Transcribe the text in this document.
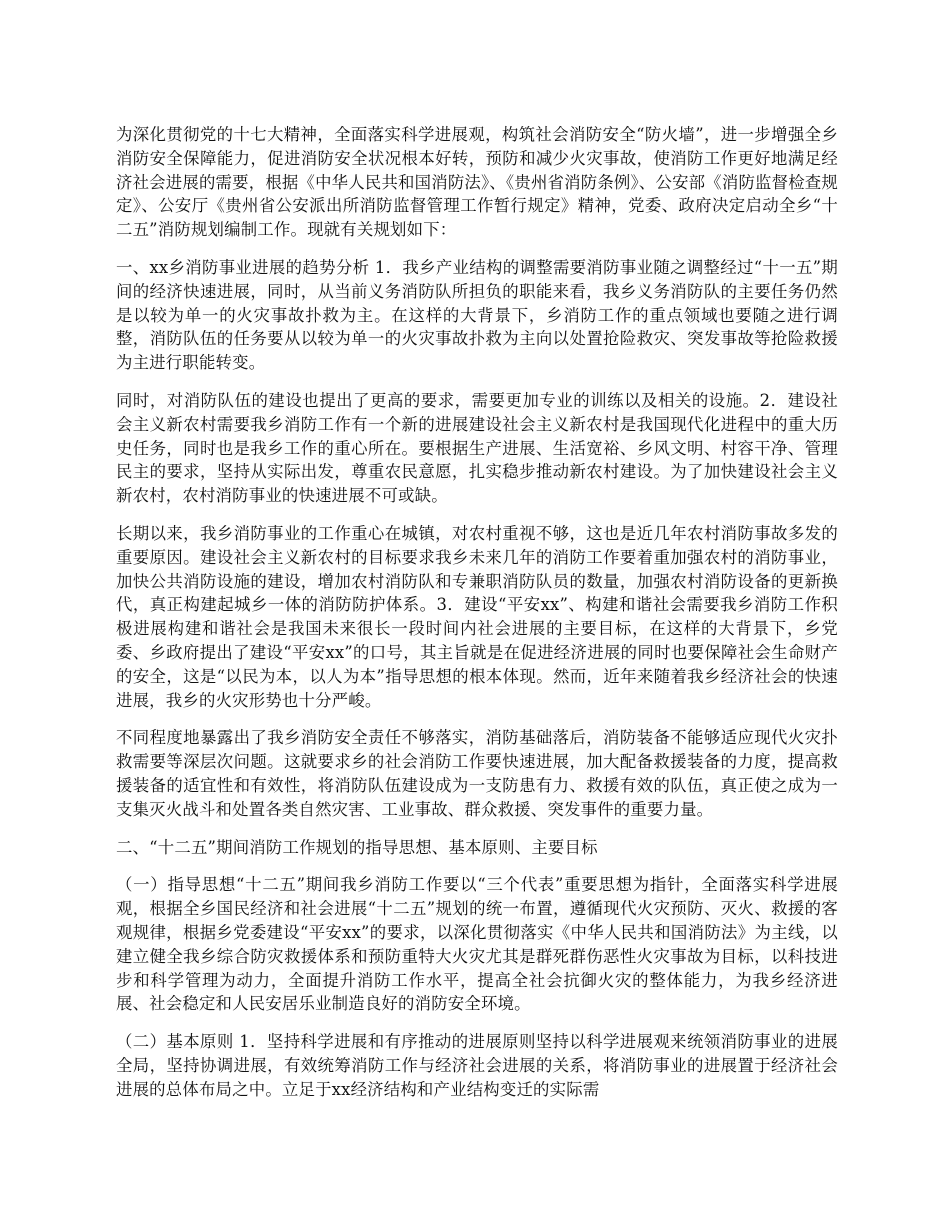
为深化贯彻党的十七大精神，全面落实科学进展观，构筑社会消防安全“防火墙”，进一步增强全乡消防安全保障能力，促进消防安全状况根本好转，预防和减少火灾事故，使消防工作更好地满足经济社会进展的需要，根据《中华人民共和国消防法》、《贵州省消防条例》、公安部《消防监督检查规定》、公安厅《贵州省公安派出所消防监督管理工作暂行规定》精神，党委、政府决定启动全乡“十二五”消防规划编制工作。现就有关规划如下：

一、xx乡消防事业进展的趋势分析 1．我乡产业结构的调整需要消防事业随之调整经过“十一五”期间的经济快速进展，同时，从当前义务消防队所担负的职能来看，我乡义务消防队的主要任务仍然是以较为单一的火灾事故扑救为主。在这样的大背景下，乡消防工作的重点领域也要随之进行调整，消防队伍的任务要从以较为单一的火灾事故扑救为主向以处置抢险救灾、突发事故等抢险救援为主进行职能转变。

同时，对消防队伍的建设也提出了更高的要求，需要更加专业的训练以及相关的设施。2．建设社会主义新农村需要我乡消防工作有一个新的进展建设社会主义新农村是我国现代化进程中的重大历史任务，同时也是我乡工作的重心所在。要根据生产进展、生活宽裕、乡风文明、村容干净、管理民主的要求，坚持从实际出发，尊重农民意愿，扎实稳步推动新农村建设。为了加快建设社会主义新农村，农村消防事业的快速进展不可或缺。

长期以来，我乡消防事业的工作重心在城镇，对农村重视不够，这也是近几年农村消防事故多发的重要原因。建设社会主义新农村的目标要求我乡未来几年的消防工作要着重加强农村的消防事业，加快公共消防设施的建设，增加农村消防队和专兼职消防队员的数量，加强农村消防设备的更新换代，真正构建起城乡一体的消防防护体系。3．建设“平安xx”、构建和谐社会需要我乡消防工作积极进展构建和谐社会是我国未来很长一段时间内社会进展的主要目标，在这样的大背景下，乡党委、乡政府提出了建设“平安xx”的口号，其主旨就是在促进经济进展的同时也要保障社会生命财产的安全，这是“以民为本，以人为本”指导思想的根本体现。然而，近年来随着我乡经济社会的快速进展，我乡的火灾形势也十分严峻。

不同程度地暴露出了我乡消防安全责任不够落实，消防基础落后，消防装备不能够适应现代火灾扑救需要等深层次问题。这就要求乡的社会消防工作要快速进展，加大配备救援装备的力度，提高救援装备的适宜性和有效性，将消防队伍建设成为一支防患有力、救援有效的队伍，真正使之成为一支集灭火战斗和处置各类自然灾害、工业事故、群众救援、突发事件的重要力量。

二、“十二五”期间消防工作规划的指导思想、基本原则、主要目标

（一）指导思想“十二五”期间我乡消防工作要以“三个代表”重要思想为指针，全面落实科学进展观，根据全乡国民经济和社会进展“十二五”规划的统一布置，遵循现代火灾预防、灭火、救援的客观规律，根据乡党委建设“平安xx”的要求，以深化贯彻落实《中华人民共和国消防法》为主线，以建立健全我乡综合防灾救援体系和预防重特大火灾尤其是群死群伤恶性火灾事故为目标，以科技进步和科学管理为动力，全面提升消防工作水平，提高全社会抗御火灾的整体能力，为我乡经济进展、社会稳定和人民安居乐业制造良好的消防安全环境。

（二）基本原则 1．坚持科学进展和有序推动的进展原则坚持以科学进展观来统领消防事业的进展全局，坚持协调进展，有效统筹消防工作与经济社会进展的关系，将消防事业的进展置于经济社会进展的总体布局之中。立足于xx经济结构和产业结构变迁的实际需
